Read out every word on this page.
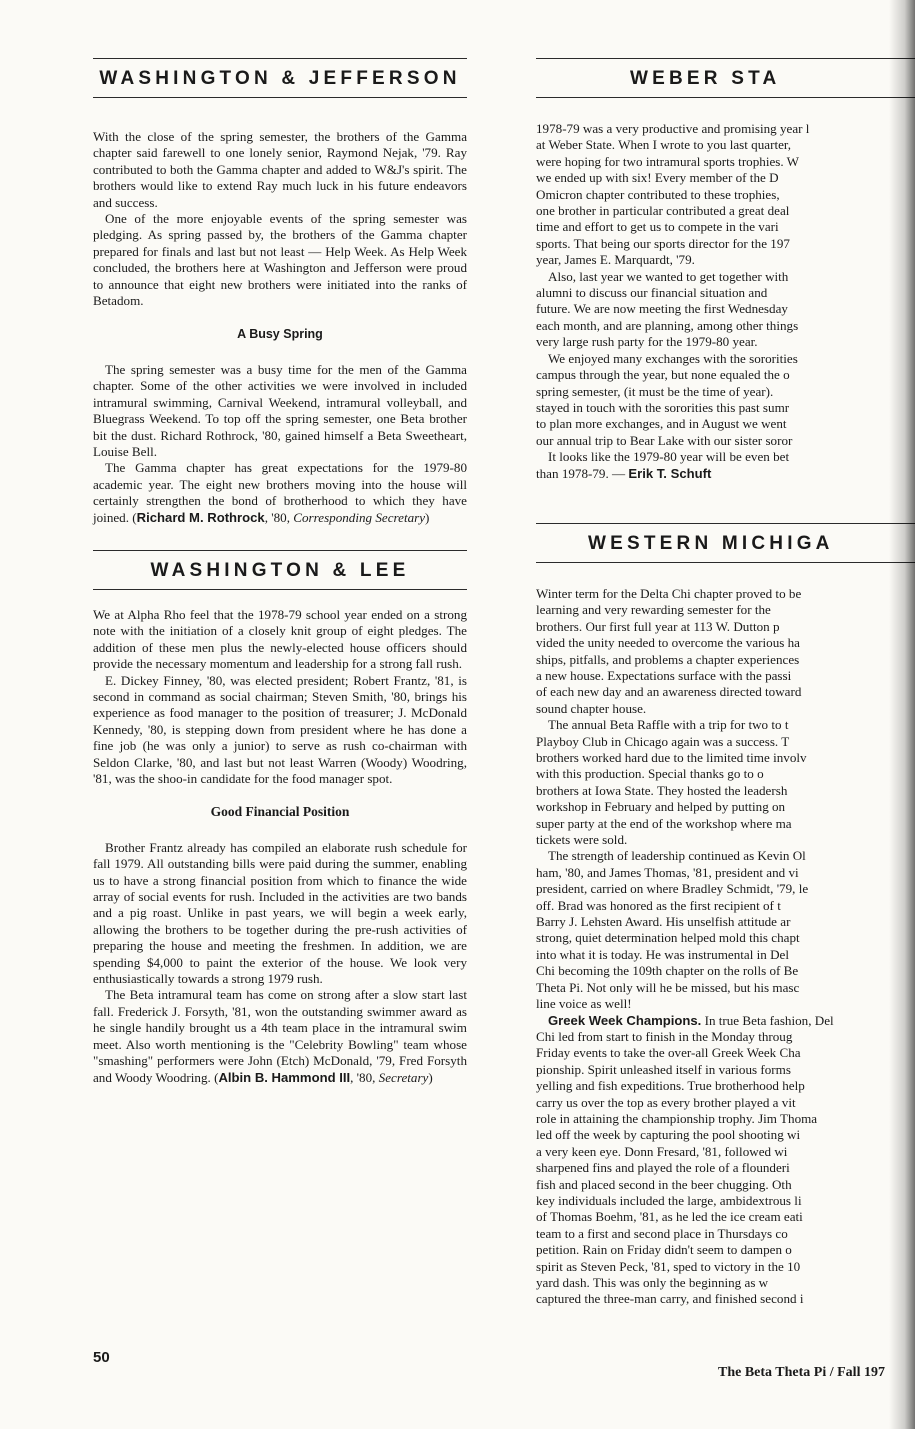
WASHINGTON & JEFFERSON

With the close of the spring semester, the brothers of the Gamma chapter said farewell to one lonely senior, Raymond Nejak, '79. Ray contributed to both the Gamma chapter and added to W&J's spirit. The brothers would like to extend Ray much luck in his future endeavors and success.

One of the more enjoyable events of the spring semester was pledging. As spring passed by, the brothers of the Gamma chapter prepared for finals and last but not least — Help Week. As Help Week concluded, the brothers here at Washington and Jefferson were proud to announce that eight new brothers were initiated into the ranks of Betadom.

A Busy Spring

The spring semester was a busy time for the men of the Gamma chapter. Some of the other activities we were involved in included intramural swimming, Carnival Weekend, intramural volleyball, and Bluegrass Weekend. To top off the spring semester, one Beta brother bit the dust. Richard Rothrock, '80, gained himself a Beta Sweetheart, Louise Bell.

The Gamma chapter has great expectations for the 1979-80 academic year. The eight new brothers moving into the house will certainly strengthen the bond of brotherhood to which they have joined. (Richard M. Rothrock, '80, Corresponding Secretary)

WASHINGTON & LEE

We at Alpha Rho feel that the 1978-79 school year ended on a strong note with the initiation of a closely knit group of eight pledges. The addition of these men plus the newly-elected house officers should provide the necessary momentum and leadership for a strong fall rush.

E. Dickey Finney, '80, was elected president; Robert Frantz, '81, is second in command as social chairman; Steven Smith, '80, brings his experience as food manager to the position of treasurer; J. McDonald Kennedy, '80, is stepping down from president where he has done a fine job (he was only a junior) to serve as rush co-chairman with Seldon Clarke, '80, and last but not least Warren (Woody) Woodring, '81, was the shoo-in candidate for the food manager spot.

Good Financial Position

Brother Frantz already has compiled an elaborate rush schedule for fall 1979. All outstanding bills were paid during the summer, enabling us to have a strong financial position from which to finance the wide array of social events for rush. Included in the activities are two bands and a pig roast. Unlike in past years, we will begin a week early, allowing the brothers to be together during the pre-rush activities of preparing the house and meeting the freshmen. In addition, we are spending $4,000 to paint the exterior of the house. We look very enthusiastically towards a strong 1979 rush.

The Beta intramural team has come on strong after a slow start last fall. Frederick J. Forsyth, '81, won the outstanding swimmer award as he single handily brought us a 4th team place in the intramural swim meet. Also worth mentioning is the "Celebrity Bowling" team whose "smashing" performers were John (Etch) McDonald, '79, Fred Forsyth and Woody Woodring. (Albin B. Hammond III, '80, Secretary)

WEBER STA
1978-79 was a very productive and promising year l
at Weber State. When I wrote to you last quarter,
were hoping for two intramural sports trophies. W
we ended up with six! Every member of the D
Omicron chapter contributed to these trophies,
one brother in particular contributed a great deal
time and effort to get us to compete in the vari
sports. That being our sports director for the 197
year, James E. Marquardt, '79.
Also, last year we wanted to get together with
alumni to discuss our financial situation and
future. We are now meeting the first Wednesday
each month, and are planning, among other things
very large rush party for the 1979-80 year.
We enjoyed many exchanges with the sororities
campus through the year, but none equaled the o
spring semester, (it must be the time of year).
stayed in touch with the sororities this past sumr
to plan more exchanges, and in August we went
our annual trip to Bear Lake with our sister soror
It looks like the 1979-80 year will be even bet
than 1978-79. — Erik T. Schuft
WESTERN MICHIGA
Winter term for the Delta Chi chapter proved to be
learning and very rewarding semester for the
brothers. Our first full year at 113 W. Dutton p
vided the unity needed to overcome the various ha
ships, pitfalls, and problems a chapter experiences
a new house. Expectations surface with the passi
of each new day and an awareness directed toward
sound chapter house.
The annual Beta Raffle with a trip for two to t
Playboy Club in Chicago again was a success. T
brothers worked hard due to the limited time involv
with this production. Special thanks go to o
brothers at Iowa State. They hosted the leadersh
workshop in February and helped by putting on
super party at the end of the workshop where ma
tickets were sold.
The strength of leadership continued as Kevin Ol
ham, '80, and James Thomas, '81, president and vi
president, carried on where Bradley Schmidt, '79, le
off. Brad was honored as the first recipient of t
Barry J. Lehsten Award. His unselfish attitude ar
strong, quiet determination helped mold this chapt
into what it is today. He was instrumental in Del
Chi becoming the 109th chapter on the rolls of Be
Theta Pi. Not only will he be missed, but his masc
line voice as well!
Greek Week Champions. In true Beta fashion, Del
Chi led from start to finish in the Monday throug
Friday events to take the over-all Greek Week Cha
pionship. Spirit unleashed itself in various forms
yelling and fish expeditions. True brotherhood help
carry us over the top as every brother played a vit
role in attaining the championship trophy. Jim Thoma
led off the week by capturing the pool shooting wi
a very keen eye. Donn Fresard, '81, followed wi
sharpened fins and played the role of a flounderi
fish and placed second in the beer chugging. Oth
key individuals included the large, ambidextrous li
of Thomas Boehm, '81, as he led the ice cream eati
team to a first and second place in Thursdays co
petition. Rain on Friday didn't seem to dampen o
spirit as Steven Peck, '81, sped to victory in the 10
yard dash. This was only the beginning as w
captured the three-man carry, and finished second i
50
The Beta Theta Pi / Fall 197
